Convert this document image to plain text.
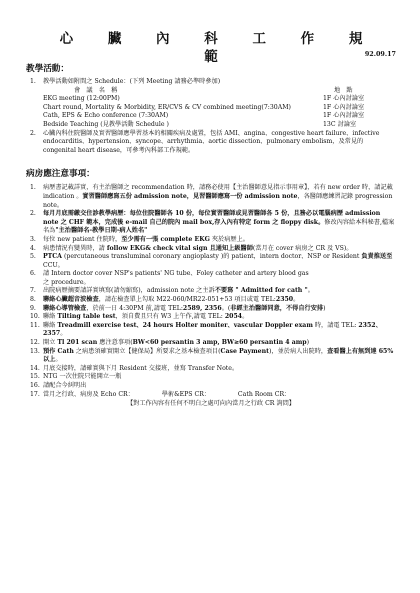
心 臟 內 科 工 作 規 範	92.09.17
教學活動：
1. 教學活動如附間之 Schedule：(下列 Meeting 請務必準時參加)
會　議　名　稱	地　點
EKG meeting (12:00PM)	1F 心內討論室
Chart round, Mortality & Morbidity, ER/CVS & CV combined meeting(7:30AM)	1F 心內討論室
Cath, EPS & Echo conference (7:30AM)	1F 心內討論室
Bedside Teaching (見教學活動 Schedule )	13C 討論室
2. 心臟內科住院醫師及實習醫師應學習基本的相關疾病及處置，包括 AMI、angina、congestive heart failure、infective endocarditis、hypertension、syncope、arrhythmia、aortic dissection、pulmonary embolism，及常見的 congenital heart disease，可參考內科部工作規範。
病房應注意事項：
1. 病歷書記載詳實，有主治醫師之 recommendation 時，請務必使用【主治醫師意見指示事用章】，若有 new order 時，請記載 indication 。實習醫師應寫五份 admission note，見習醫師應寫一份 admission note，各醫師應練習記錄 progression note。
2. 每月月底需繳交住診教學病歷：每位住院醫師各 10 份，每位實習醫師或見習醫師各 5 份，且務必以電腦病歷 admission note 之 CHF 範本，完成後 e-mail 自己的院內 mail box,存入內有特定 form 之 floppy disk。修改內容給本科秘書,檔案名為"主治醫師名-教學日期-病人姓名"
3. 每位 new patient 住院時，至少需有一張 complete EKG 夾於病歷上。
4. 病患情況有變異時，請 follow EKG& check vital sign 且通知上級醫師(當月在 cover 病房之 CR 及 VS)。
5. PTCA (percutaneous transluminal coronary angioplasty )的 patient，intern doctor、NSP or Resident 負責推送至 CCU。
6. 請 Intern doctor cover NSP's patients' NG tube、Foley catheter and artery blood gas
之 procedure。
7. 出院病歷摘要請詳實填寫(請勿縮寫)，admission note 之主訴不要寫 " Admitted for cath "。
8. 聯絡心臟超音波檢查，請在檢查單上勾取 M22-060/MR22-051+53 項目或電 TEL:2350。
9. 聯絡心導管檢查，於前一日 4:30PM 前,請電 TEL:2589, 2356。(非經主治醫師同意，不得自行安排)
10. 聯絡 Tilting table test，須自費且只有 W3 上午作,請電 TEL: 2054。
11. 聯絡 Treadmill exercise test、24 hours Holter moniter、vascular Doppler exam 時，請電 TEL: 2352、2357。
12. 開立 Tl 201 scan 應注意事項(BW<60 persantin 3 amp, BW≥60 persantin 4 amp)
13. 預作 Cath 之病患須確實開立【健保局】所要求之基本檢查項目(Case Payment)，並於病人出院時，查看醫上有無到達 65% 以上。
14. 月底交接時，請確實與下月 Resident 交接班，並寫 Transfer Note。
15. NTG 一次住院只能開立一瓶
16. 請配合今糾明出
17. 當月之行政、病房及 Echo CR：　　　　　學術&EPS CR：　　　　　Cath Room CR：
【對工作內容有任何不明白之處可向內當月之行政 CR 詢問】
